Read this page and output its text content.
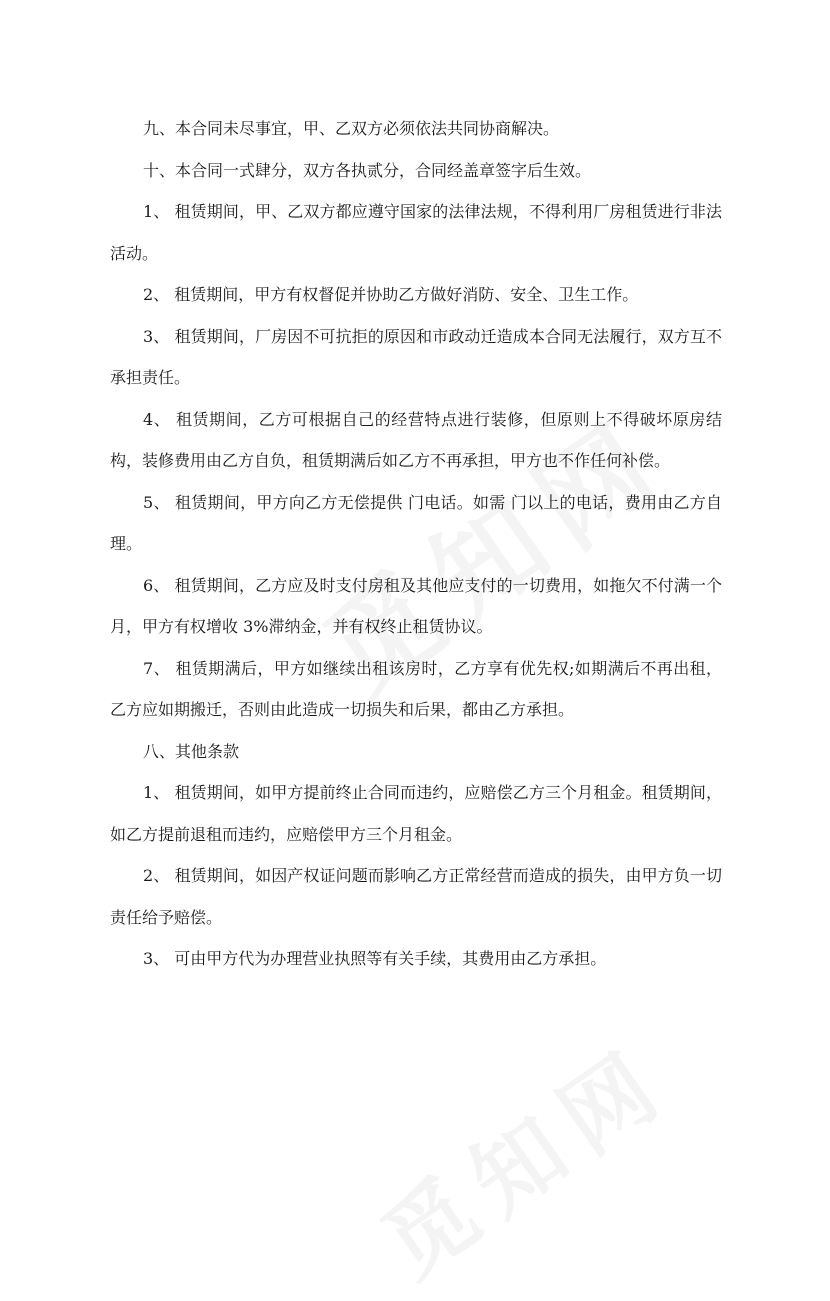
九、本合同未尽事宜，甲、乙双方必须依法共同协商解决。

十、本合同一式肆分，双方各执贰分，合同经盖章签字后生效。

1、 租赁期间，甲、乙双方都应遵守国家的法律法规，不得利用厂房租赁进行非法活动。

2、 租赁期间，甲方有权督促并协助乙方做好消防、安全、卫生工作。

3、 租赁期间，厂房因不可抗拒的原因和市政动迁造成本合同无法履行，双方互不承担责任。

4、 租赁期间，乙方可根据自己的经营特点进行装修，但原则上不得破坏原房结构，装修费用由乙方自负，租赁期满后如乙方不再承担，甲方也不作任何补偿。

5、 租赁期间，甲方向乙方无偿提供 门电话。如需 门以上的电话，费用由乙方自理。

6、 租赁期间，乙方应及时支付房租及其他应支付的一切费用，如拖欠不付满一个月，甲方有权增收 3%滞纳金，并有权终止租赁协议。

7、 租赁期满后，甲方如继续出租该房时，乙方享有优先权;如期满后不再出租，乙方应如期搬迁，否则由此造成一切损失和后果，都由乙方承担。

八、其他条款

1、 租赁期间，如甲方提前终止合同而违约，应赔偿乙方三个月租金。租赁期间，如乙方提前退租而违约，应赔偿甲方三个月租金。

2、 租赁期间，如因产权证问题而影响乙方正常经营而造成的损失，由甲方负一切责任给予赔偿。

3、 可由甲方代为办理营业执照等有关手续，其费用由乙方承担。
